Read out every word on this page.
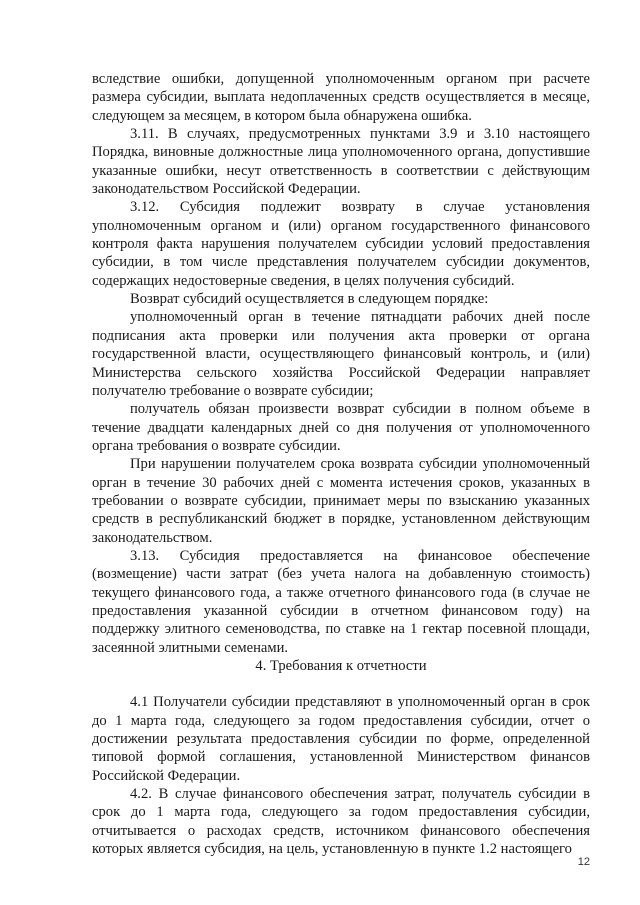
вследствие ошибки, допущенной уполномоченным органом при расчете размера субсидии, выплата недоплаченных средств осуществляется в месяце, следующем за месяцем, в котором была обнаружена ошибка.

3.11. В случаях, предусмотренных пунктами 3.9 и 3.10 настоящего Порядка, виновные должностные лица уполномоченного органа, допустившие указанные ошибки, несут ответственность в соответствии с действующим законодательством Российской Федерации.

3.12. Субсидия подлежит возврату в случае установления уполномоченным органом и (или) органом государственного финансового контроля факта нарушения получателем субсидии условий предоставления субсидии, в том числе представления получателем субсидии документов, содержащих недостоверные сведения, в целях получения субсидий.

Возврат субсидий осуществляется в следующем порядке:

уполномоченный орган в течение пятнадцати рабочих дней после подписания акта проверки или получения акта проверки от органа государственной власти, осуществляющего финансовый контроль, и (или) Министерства сельского хозяйства Российской Федерации направляет получателю требование о возврате субсидии;

получатель обязан произвести возврат субсидии в полном объеме в течение двадцати календарных дней со дня получения от уполномоченного органа требования о возврате субсидии.

При нарушении получателем срока возврата субсидии уполномоченный орган в течение 30 рабочих дней с момента истечения сроков, указанных в требовании о возврате субсидии, принимает меры по взысканию указанных средств в республиканский бюджет в порядке, установленном действующим законодательством.

3.13. Субсидия предоставляется на финансовое обеспечение (возмещение) части затрат (без учета налога на добавленную стоимость) текущего финансового года, а также отчетного финансового года (в случае не предоставления указанной субсидии в отчетном финансовом году) на поддержку элитного семеноводства, по ставке на 1 гектар посевной площади, засеянной элитными семенами.

4. Требования к отчетности

4.1 Получатели субсидии представляют в уполномоченный орган в срок до 1 марта года, следующего за годом предоставления субсидии, отчет о достижении результата предоставления субсидии по форме, определенной типовой формой соглашения, установленной Министерством финансов Российской Федерации.

4.2. В случае финансового обеспечения затрат, получатель субсидии в срок до 1 марта года, следующего за годом предоставления субсидии, отчитывается о расходах средств, источником финансового обеспечения которых является субсидия, на цель, установленную в пункте 1.2 настоящего

12
